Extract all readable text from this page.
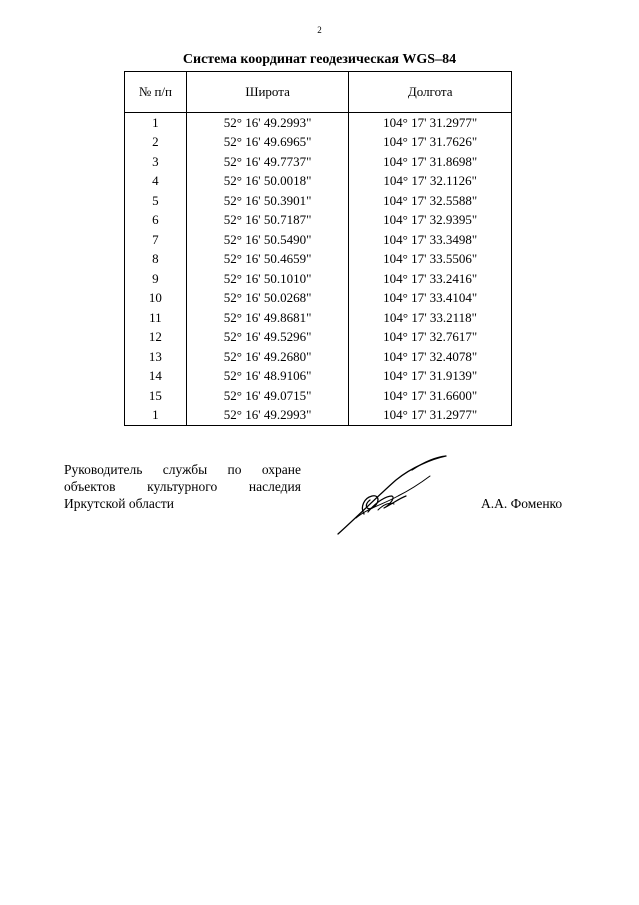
2
Система координат геодезическая WGS–84
№ п/п	Широта	Долгота
1	52° 16' 49.2993"	104° 17' 31.2977"
2	52° 16' 49.6965"	104° 17' 31.7626"
3	52° 16' 49.7737"	104° 17' 31.8698"
4	52° 16' 50.0018"	104° 17' 32.1126"
5	52° 16' 50.3901"	104° 17' 32.5588"
6	52° 16' 50.7187"	104° 17' 32.9395"
7	52° 16' 50.5490"	104° 17' 33.3498"
8	52° 16' 50.4659"	104° 17' 33.5506"
9	52° 16' 50.1010"	104° 17' 33.2416"
10	52° 16' 50.0268"	104° 17' 33.4104"
11	52° 16' 49.8681"	104° 17' 33.2118"
12	52° 16' 49.5296"	104° 17' 32.7617"
13	52° 16' 49.2680"	104° 17' 32.4078"
14	52° 16' 48.9106"	104° 17' 31.9139"
15	52° 16' 49.0715"	104° 17' 31.6600"
1	52° 16' 49.2993"	104° 17' 31.2977"
Руководитель службы по охране
объектов культурного наследия
Иркутской области	А.А. Фоменко
